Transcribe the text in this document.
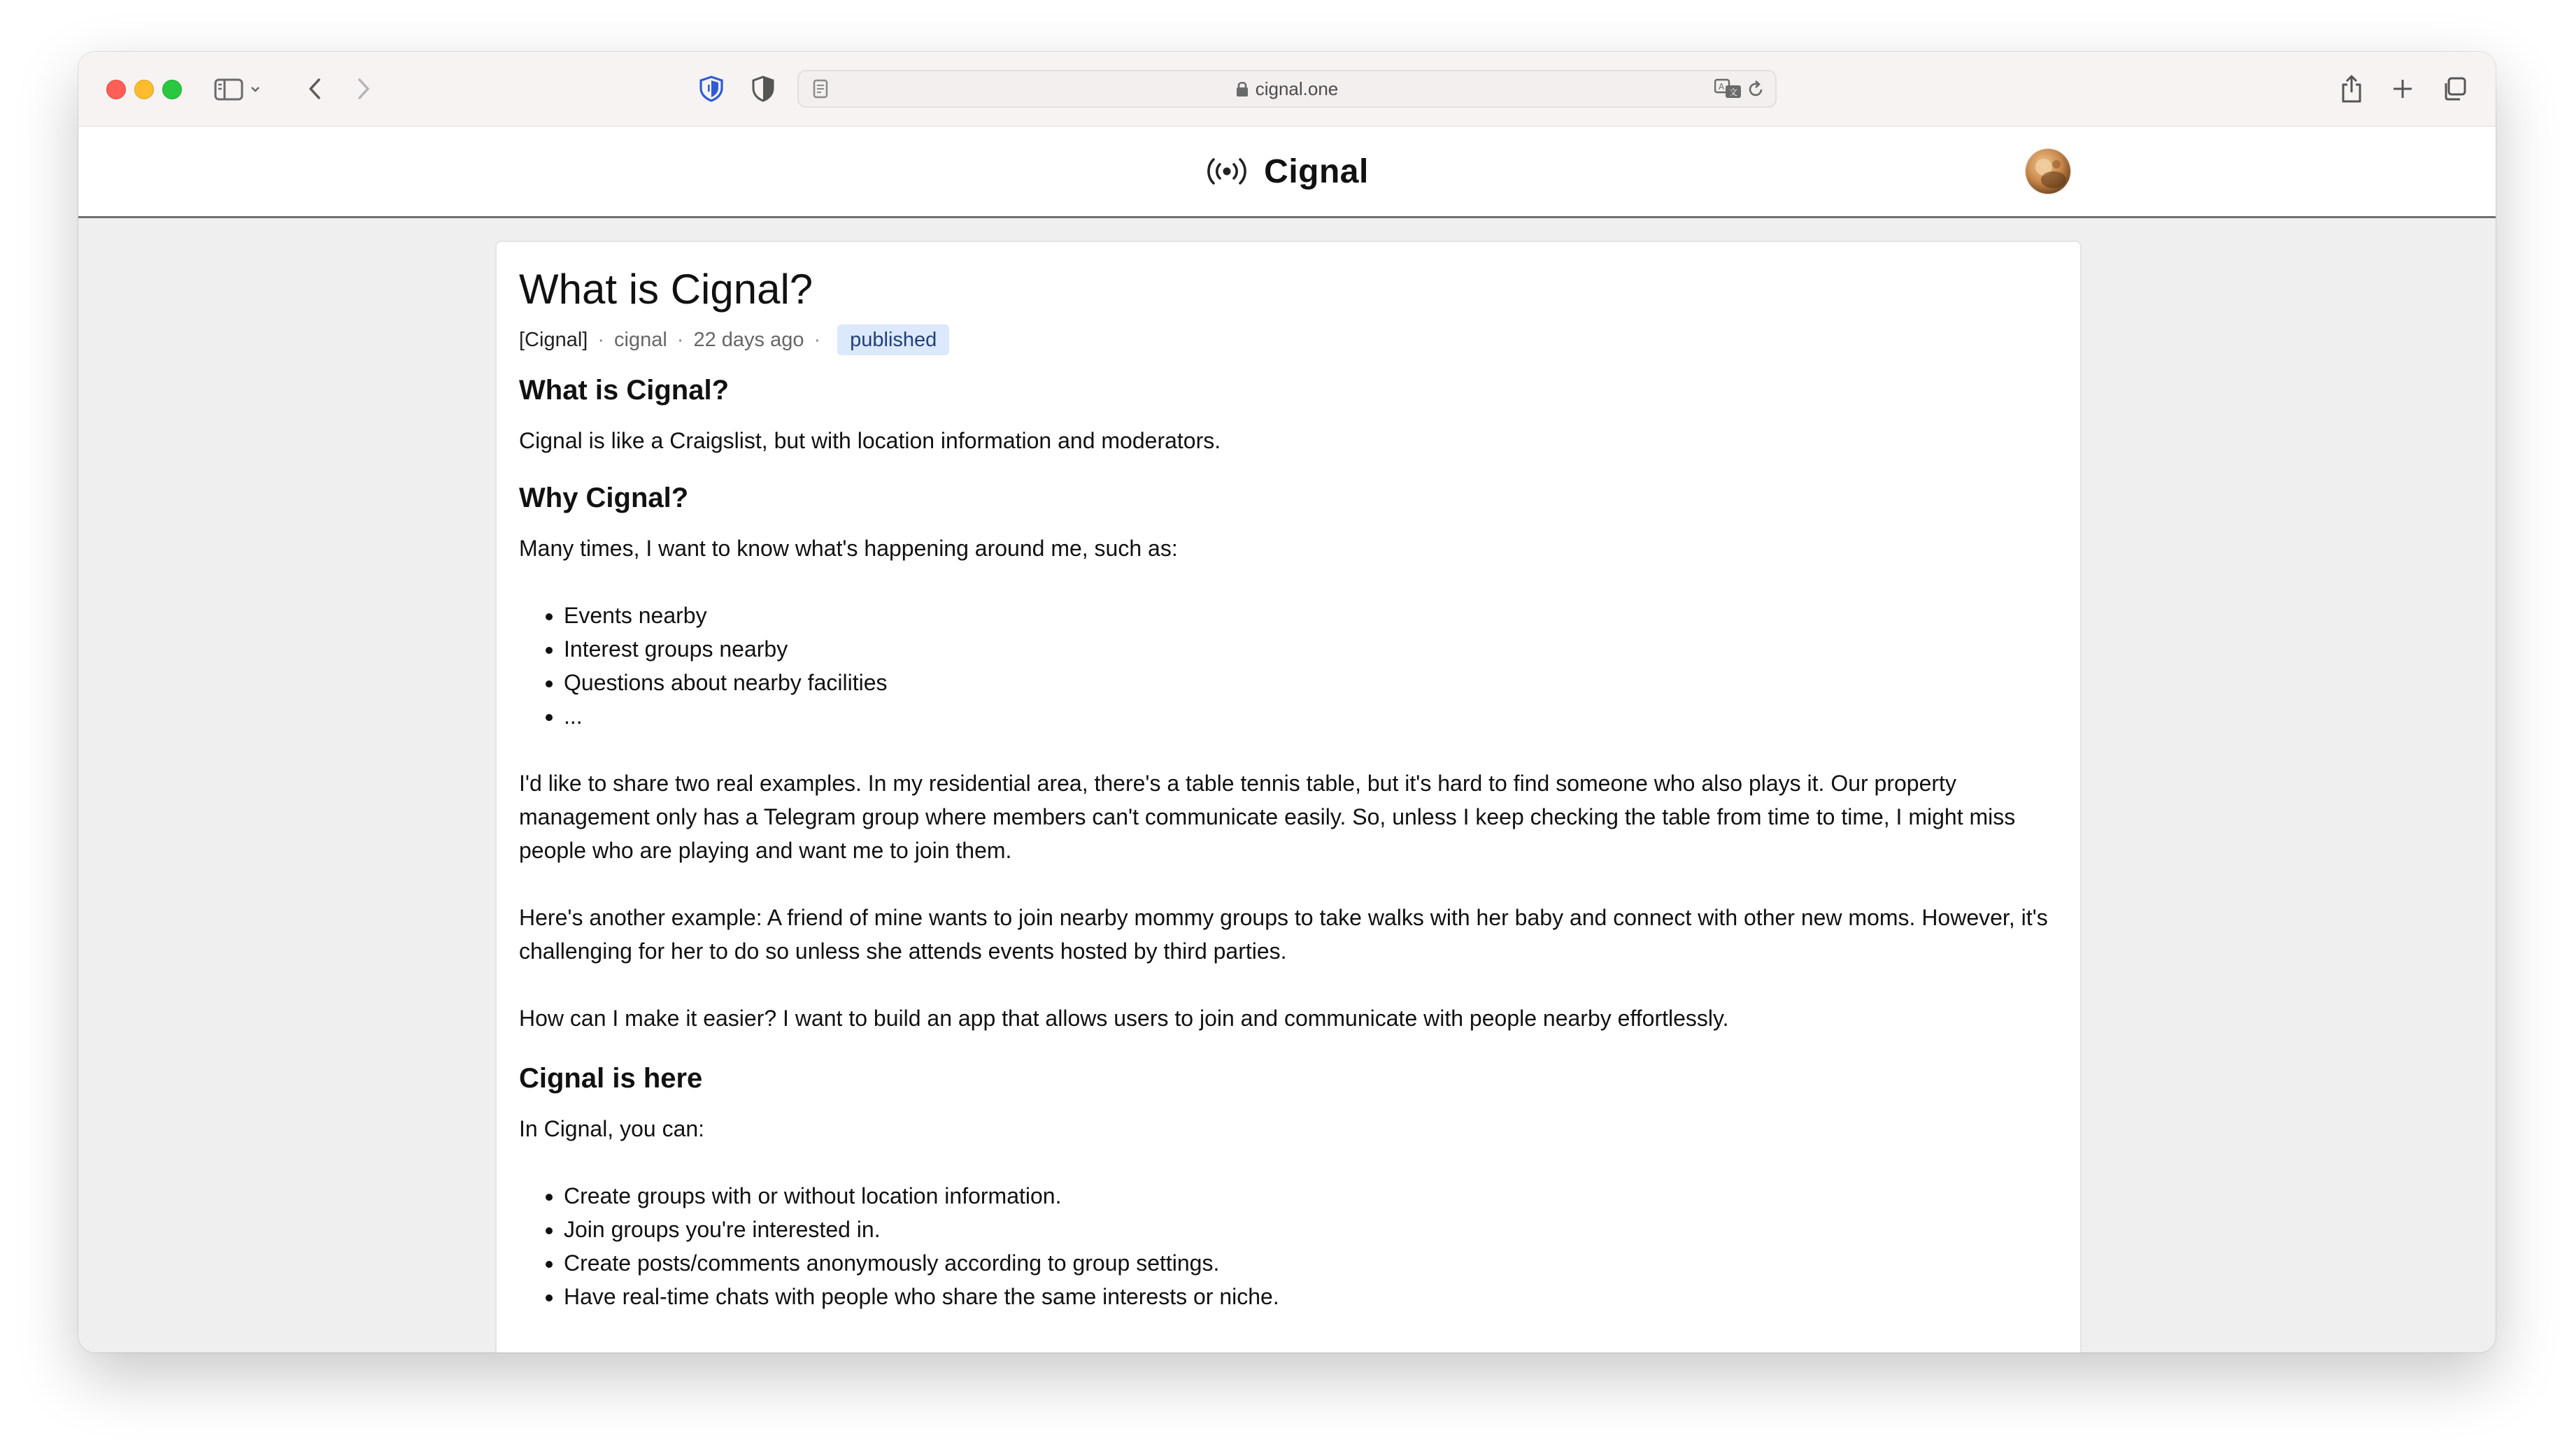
cignal.one	A
文
Cignal
What is Cignal?
[Cignal] · cignal · 22 days ago ·	published
What is Cignal?

Cignal is like a Craigslist, but with location information and moderators.

Why Cignal?

Many times, I want to know what's happening around me, such as:

• Events nearby
• Interest groups nearby
• Questions about nearby facilities
• ...

I'd like to share two real examples. In my residential area, there's a table tennis table, but it's hard to find someone who also plays it. Our property management only has a Telegram group where members can't communicate easily. So, unless I keep checking the table from time to time, I might miss people who are playing and want me to join them.

Here's another example: A friend of mine wants to join nearby mommy groups to take walks with her baby and connect with other new moms. However, it's challenging for her to do so unless she attends events hosted by third parties.

How can I make it easier? I want to build an app that allows users to join and communicate with people nearby effortlessly.

Cignal is here

In Cignal, you can:

• Create groups with or without location information.
• Join groups you're interested in.
• Create posts/comments anonymously according to group settings.
• Have real-time chats with people who share the same interests or niche.
